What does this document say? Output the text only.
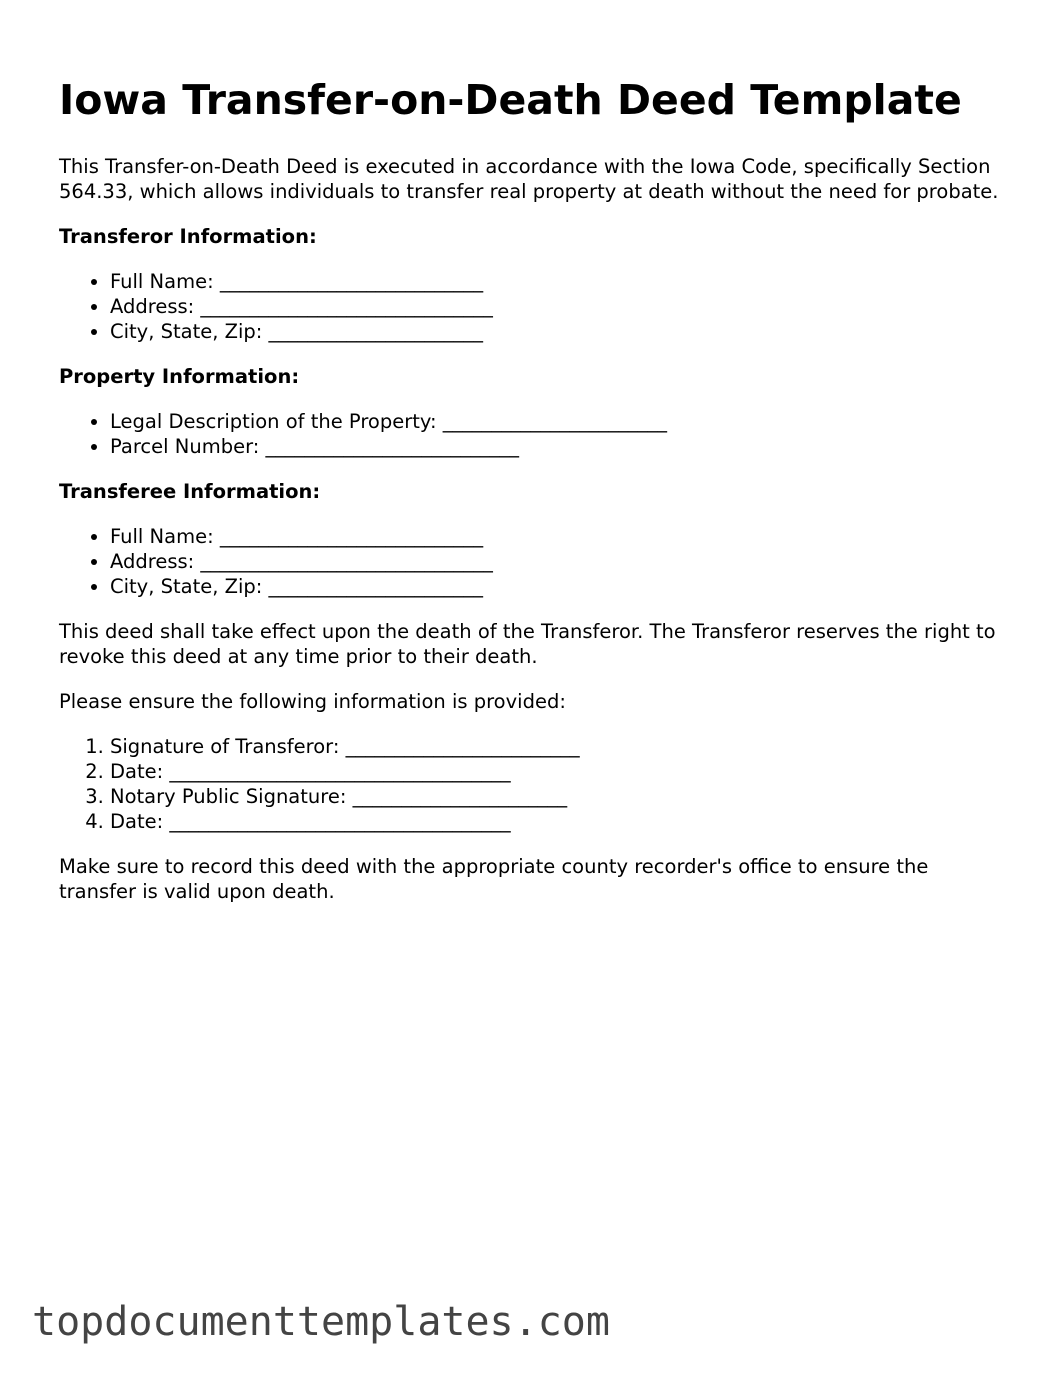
Iowa Transfer-on-Death Deed Template

This Transfer-on-Death Deed is executed in accordance with the Iowa Code, specifically Section 564.33, which allows individuals to transfer real property at death without the need for probate.

Transferor Information:
• Full Name: ___________________________
• Address: ______________________________
• City, State, Zip: ______________________
Property Information:
• Legal Description of the Property: _______________________
• Parcel Number: __________________________
Transferee Information:
• Full Name: ___________________________
• Address: ______________________________
• City, State, Zip: ______________________

This deed shall take effect upon the death of the Transferor. The Transferor reserves the right to revoke this deed at any time prior to their death.

Please ensure the following information is provided:

1. Signature of Transferor: ________________________
2. Date: ___________________________________
3. Notary Public Signature: ______________________
4. Date: ___________________________________

Make sure to record this deed with the appropriate county recorder's office to ensure the transfer is valid upon death.

topdocumenttemplates.com
